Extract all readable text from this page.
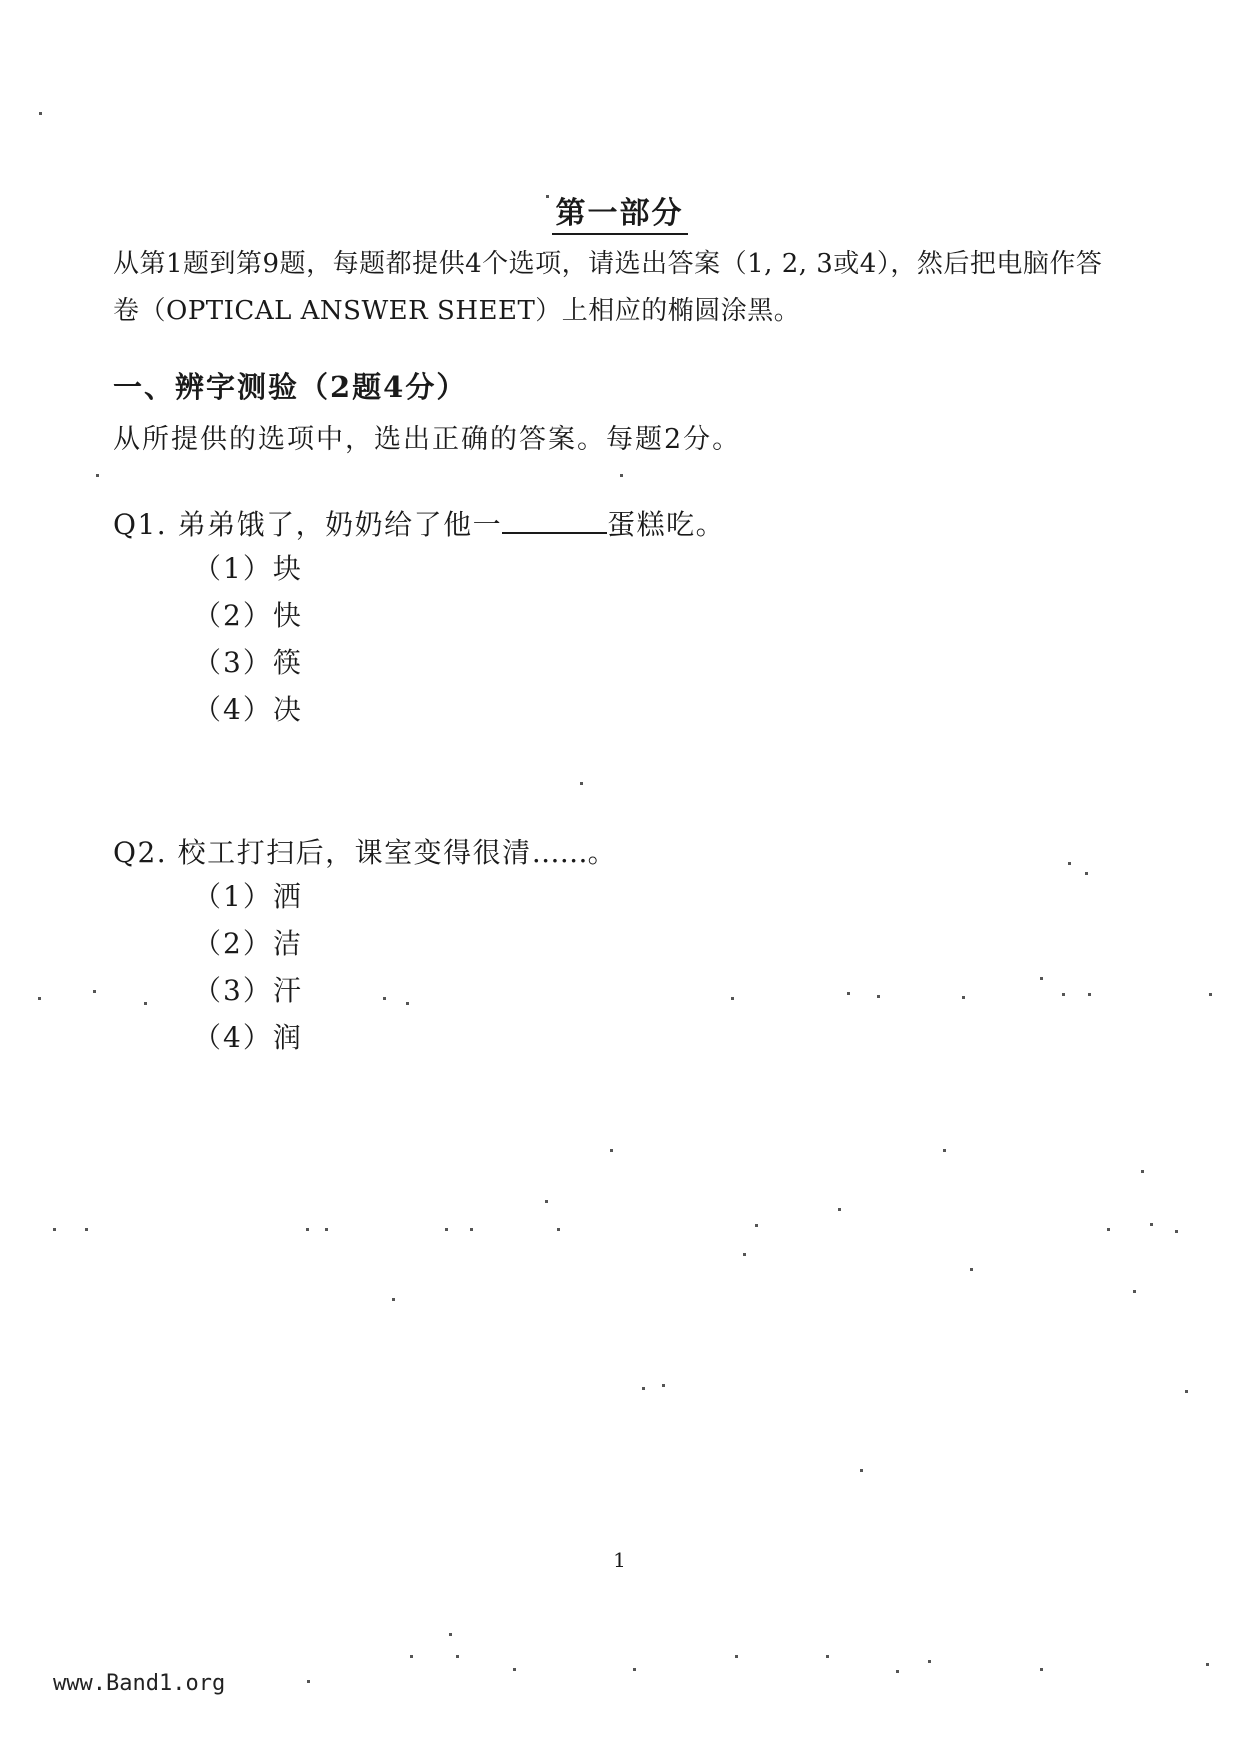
第一部分
从第1题到第9题，每题都提供4个选项，请选出答案（1, 2, 3或4），然后把电脑作答卷（OPTICAL ANSWER SHEET）上相应的椭圆涂黑。
一、辨字测验（2题4分）
从所提供的选项中，选出正确的答案。每题2分。
Q1. 弟弟饿了，奶奶给了他一	蛋糕吃。
（1）块
（2）快
（3）筷
（4）决
Q2. 校工打扫后，课室变得很清……。
（1）洒
（2）洁
（3）汗
（4）润
1
www.Band1.org
